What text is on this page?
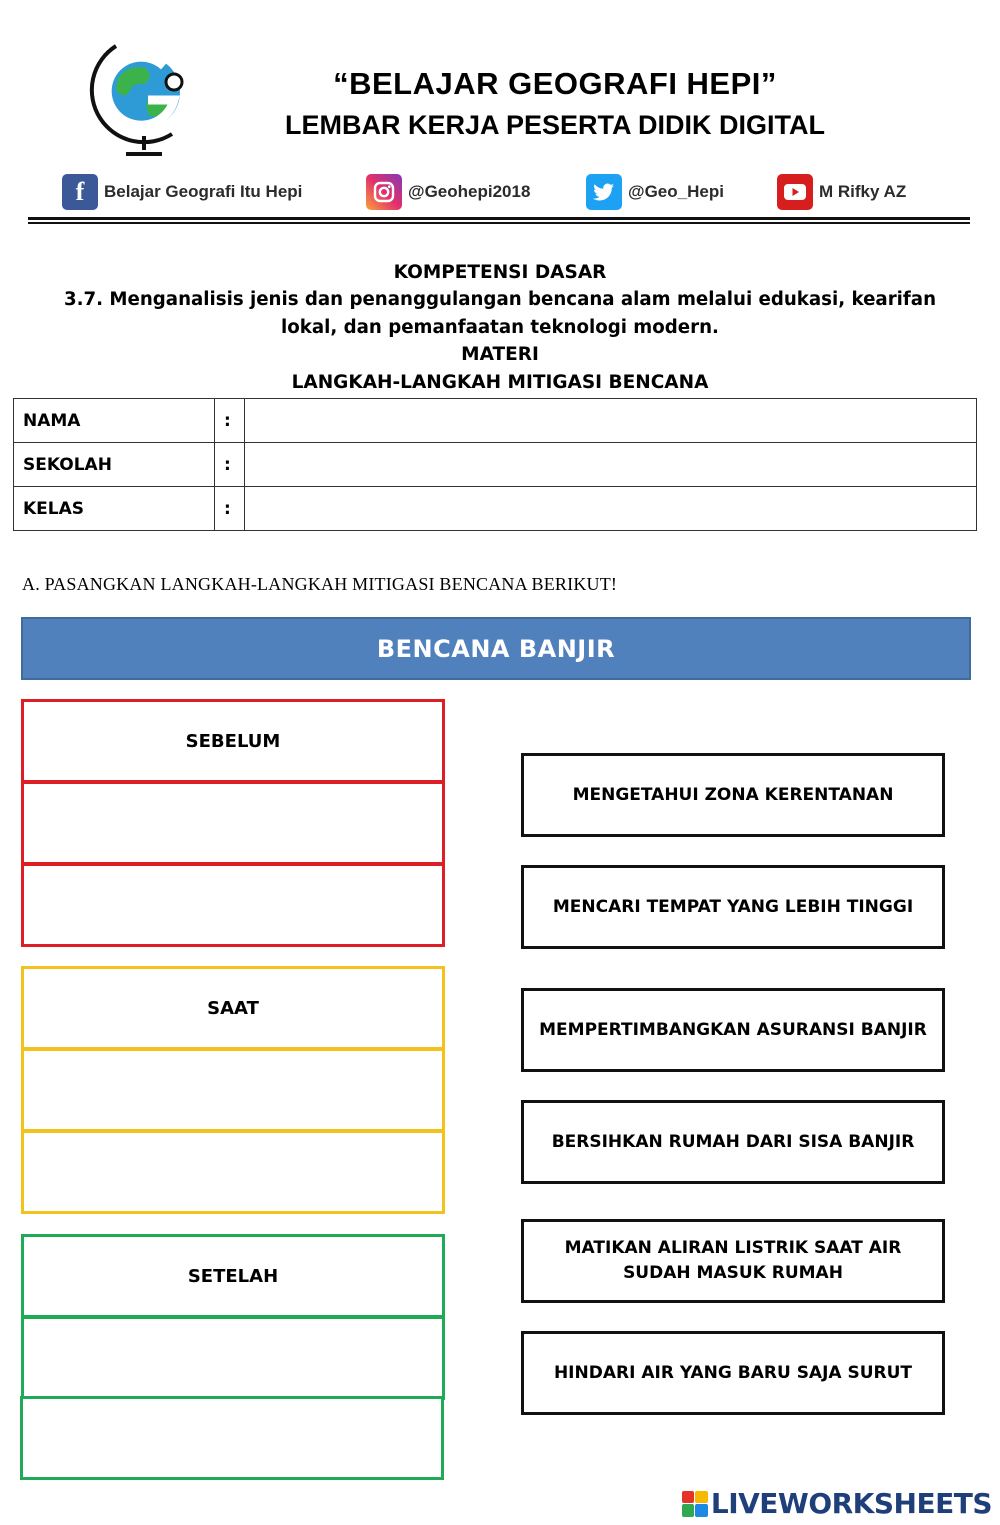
“BELAJAR GEOGRAFI HEPI”
LEMBAR KERJA PESERTA DIDIK DIGITAL
f Belajar Geografi Itu Hepi	@Geohepi2018	@Geo_Hepi	M Rifky AZ
KOMPETENSI DASAR
3.7. Menganalisis jenis dan penanggulangan bencana alam melalui edukasi, kearifan
lokal, dan pemanfaatan teknologi modern.
MATERI
LANGKAH-LANGKAH MITIGASI BENCANA
NAMA	:	
SEKOLAH	:	
KELAS	:	
A. PASANGKAN LANGKAH-LANGKAH MITIGASI BENCANA BERIKUT!
BENCANA BANJIR
SEBELUM
SAAT
SETELAH
MENGETAHUI ZONA KERENTANAN
MENCARI TEMPAT YANG LEBIH TINGGI
MEMPERTIMBANGKAN ASURANSI BANJIR
BERSIHKAN RUMAH DARI SISA BANJIR
MATIKAN ALIRAN LISTRIK SAAT AIR SUDAH MASUK RUMAH
HINDARI AIR YANG BARU SAJA SURUT
LIVEWORKSHEETS
